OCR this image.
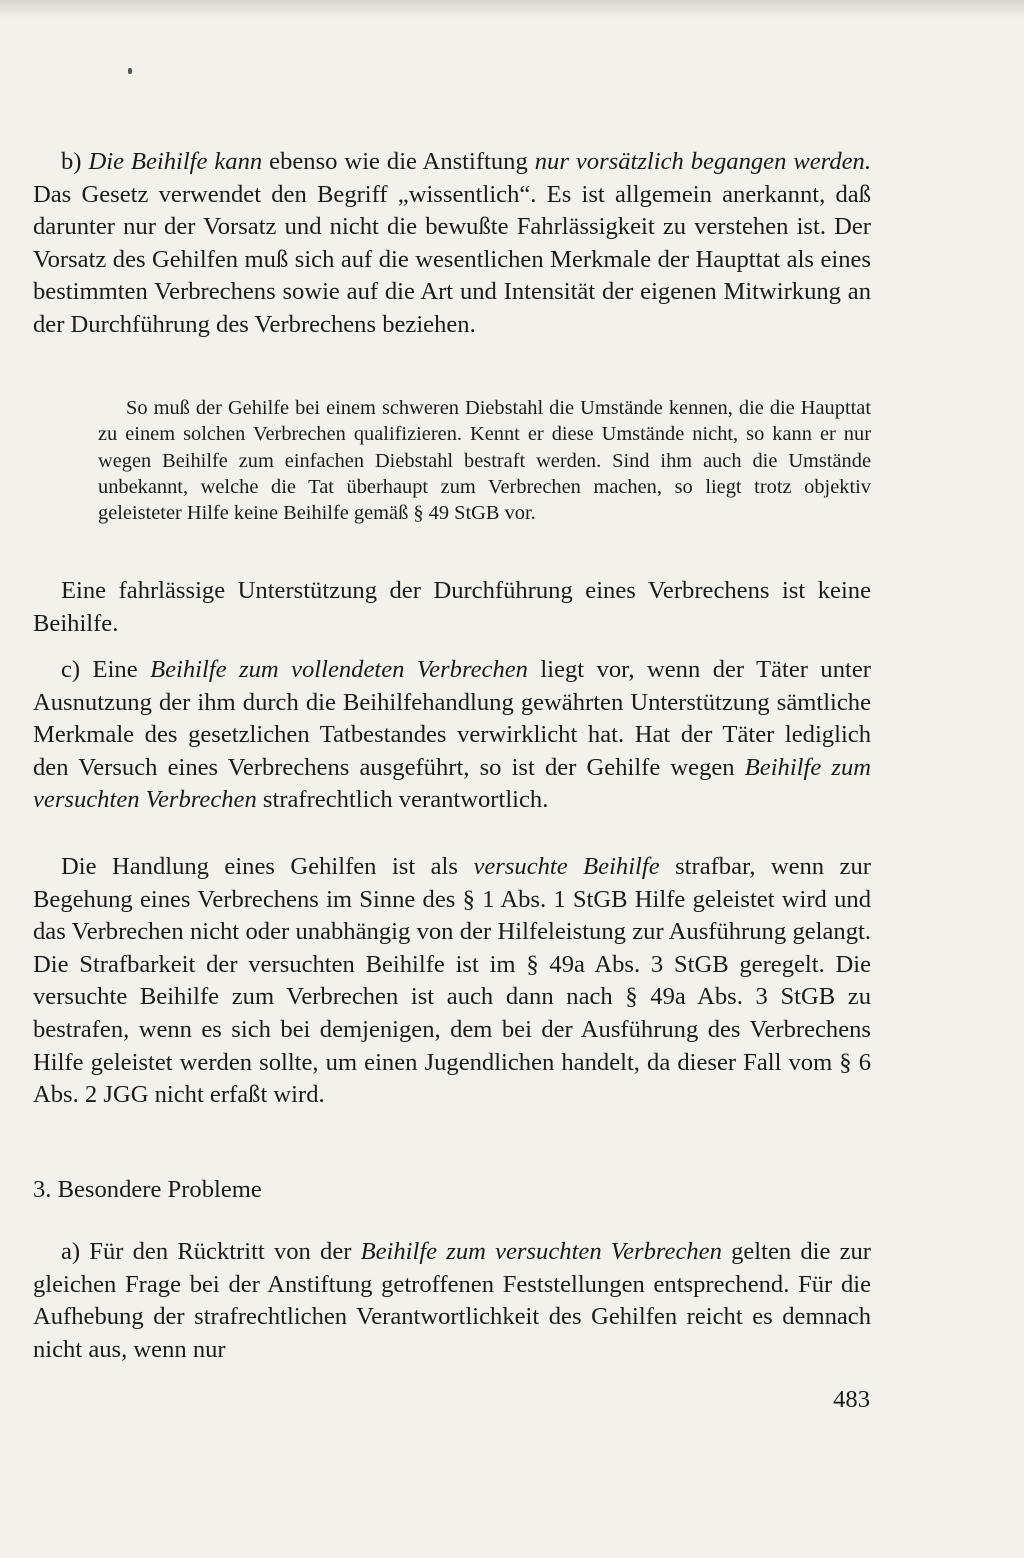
b) Die Beihilfe kann ebenso wie die Anstiftung nur vorsätzlich begangen werden. Das Gesetz verwendet den Begriff „wissentlich“. Es ist allgemein anerkannt, daß darunter nur der Vorsatz und nicht die bewußte Fahrlässigkeit zu verstehen ist. Der Vorsatz des Gehilfen muß sich auf die wesentlichen Merkmale der Haupttat als eines bestimmten Verbrechens sowie auf die Art und Intensität der eigenen Mitwirkung an der Durchführung des Verbrechens beziehen.

So muß der Gehilfe bei einem schweren Diebstahl die Umstände kennen, die die Haupttat zu einem solchen Verbrechen qualifizieren. Kennt er diese Umstände nicht, so kann er nur wegen Beihilfe zum einfachen Diebstahl bestraft werden. Sind ihm auch die Umstände unbekannt, welche die Tat überhaupt zum Verbrechen machen, so liegt trotz objektiv geleisteter Hilfe keine Beihilfe gemäß § 49 StGB vor.

Eine fahrlässige Unterstützung der Durchführung eines Verbrechens ist keine Beihilfe.

c) Eine Beihilfe zum vollendeten Verbrechen liegt vor, wenn der Täter unter Ausnutzung der ihm durch die Beihilfehandlung gewährten Unterstützung sämtliche Merkmale des gesetzlichen Tatbestandes verwirklicht hat. Hat der Täter lediglich den Versuch eines Verbrechens ausgeführt, so ist der Gehilfe wegen Beihilfe zum versuchten Verbrechen strafrechtlich verantwortlich.

Die Handlung eines Gehilfen ist als versuchte Beihilfe strafbar, wenn zur Begehung eines Verbrechens im Sinne des § 1 Abs. 1 StGB Hilfe geleistet wird und das Verbrechen nicht oder unabhängig von der Hilfeleistung zur Ausführung gelangt. Die Strafbarkeit der versuchten Beihilfe ist im § 49a Abs. 3 StGB geregelt. Die versuchte Beihilfe zum Verbrechen ist auch dann nach § 49a Abs. 3 StGB zu bestrafen, wenn es sich bei demjenigen, dem bei der Ausführung des Verbrechens Hilfe geleistet werden sollte, um einen Jugendlichen handelt, da dieser Fall vom § 6 Abs. 2 JGG nicht erfaßt wird.

3. Besondere Probleme

a) Für den Rücktritt von der Beihilfe zum versuchten Verbrechen gelten die zur gleichen Frage bei der Anstiftung getroffenen Feststellungen entsprechend. Für die Aufhebung der strafrechtlichen Verantwortlichkeit des Gehilfen reicht es demnach nicht aus, wenn nur

483
